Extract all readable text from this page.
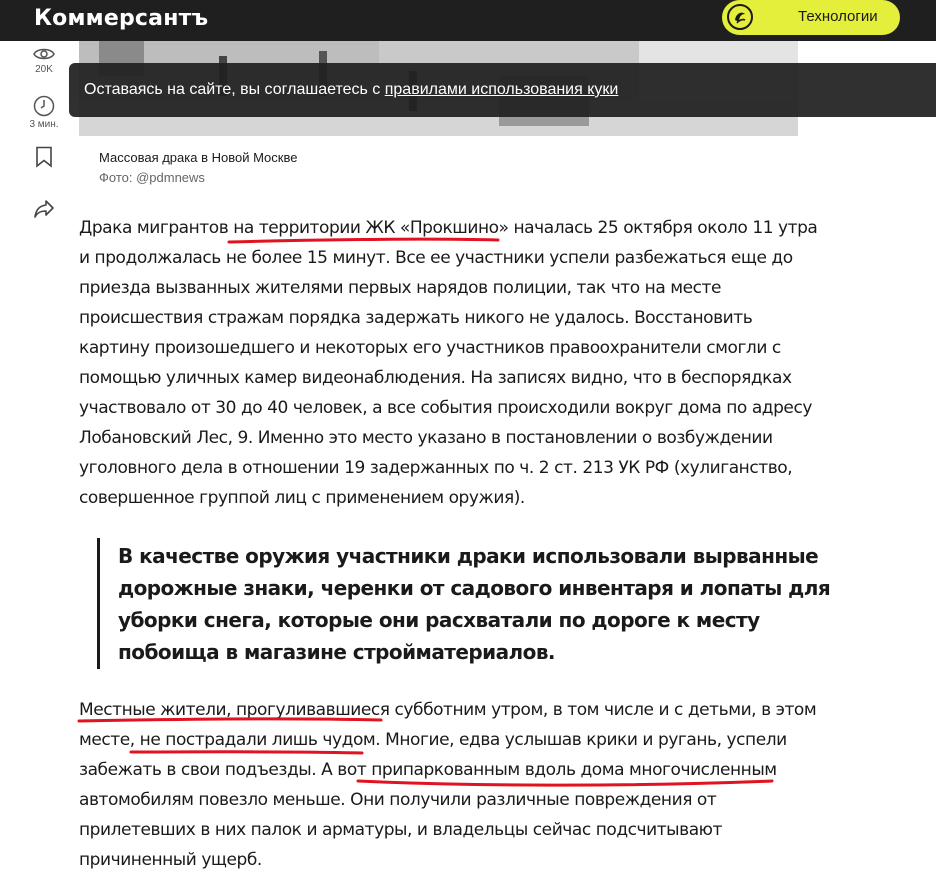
Коммерсантъ	Технологии
20K
3 мин.
Массовая драка в Новой Москве
Фото: @pdmnews
Оставаясь на сайте, вы соглашаетесь с правилами использования куки
Драка мигрантов на территории ЖК «Прокшино» началась 25 октября около 11 утра
и продолжалась не более 15 минут. Все ее участники успели разбежаться еще до
приезда вызванных жителями первых нарядов полиции, так что на месте
происшествия стражам порядка задержать никого не удалось. Восстановить
картину произошедшего и некоторых его участников правоохранители смогли с
помощью уличных камер видеонаблюдения. На записях видно, что в беспорядках
участвовало от 30 до 40 человек, а все события происходили вокруг дома по адресу
Лобановский Лес, 9. Именно это место указано в постановлении о возбуждении
уголовного дела в отношении 19 задержанных по ч. 2 ст. 213 УК РФ (хулиганство,
совершенное группой лиц с применением оружия).
В качестве оружия участники драки использовали вырванные
дорожные знаки, черенки от садового инвентаря и лопаты для
уборки снега, которые они расхватали по дороге к месту
побоища в магазине стройматериалов.
Местные жители, прогуливавшиеся субботним утром, в том числе и с детьми, в этом
месте, не пострадали лишь чудом. Многие, едва услышав крики и ругань, успели
забежать в свои подъезды. А вот припаркованным вдоль дома многочисленным
автомобилям повезло меньше. Они получили различные повреждения от
прилетевших в них палок и арматуры, и владельцы сейчас подсчитывают
причиненный ущерб.
